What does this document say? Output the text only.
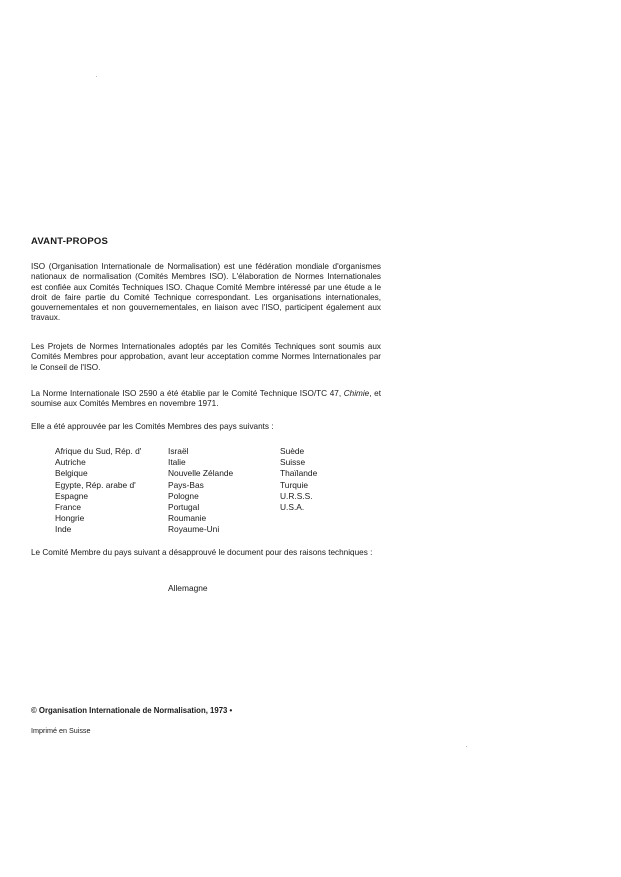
AVANT-PROPOS

ISO (Organisation Internationale de Normalisation) est une fédération mondiale d'organismes nationaux de normalisation (Comités Membres ISO). L'élaboration de Normes Internationales est confiée aux Comités Techniques ISO. Chaque Comité Membre intéressé par une étude a le droit de faire partie du Comité Technique correspondant. Les organisations internationales, gouvernementales et non gouvernementales, en liaison avec l'ISO, participent également aux travaux.

Les Projets de Normes Internationales adoptés par les Comités Techniques sont soumis aux Comités Membres pour approbation, avant leur acceptation comme Normes Internationales par le Conseil de l'ISO.

La Norme Internationale ISO 2590 a été établie par le Comité Technique ISO/TC 47, Chimie, et soumise aux Comités Membres en novembre 1971.

Elle a été approuvée par les Comités Membres des pays suivants :

Afrique du Sud, Rép. d'
Autriche
Belgique
Egypte, Rép. arabe d'
Espagne
France
Hongrie
Inde
Israël
Italie
Nouvelle Zélande
Pays-Bas
Pologne
Portugal
Roumanie
Royaume-Uni
Suède
Suisse
Thaïlande
Turquie
U.R.S.S.
U.S.A.

Le Comité Membre du pays suivant a désapprouvé le document pour des raisons techniques :

Allemagne
© Organisation Internationale de Normalisation, 1973 •
Imprimé en Suisse
